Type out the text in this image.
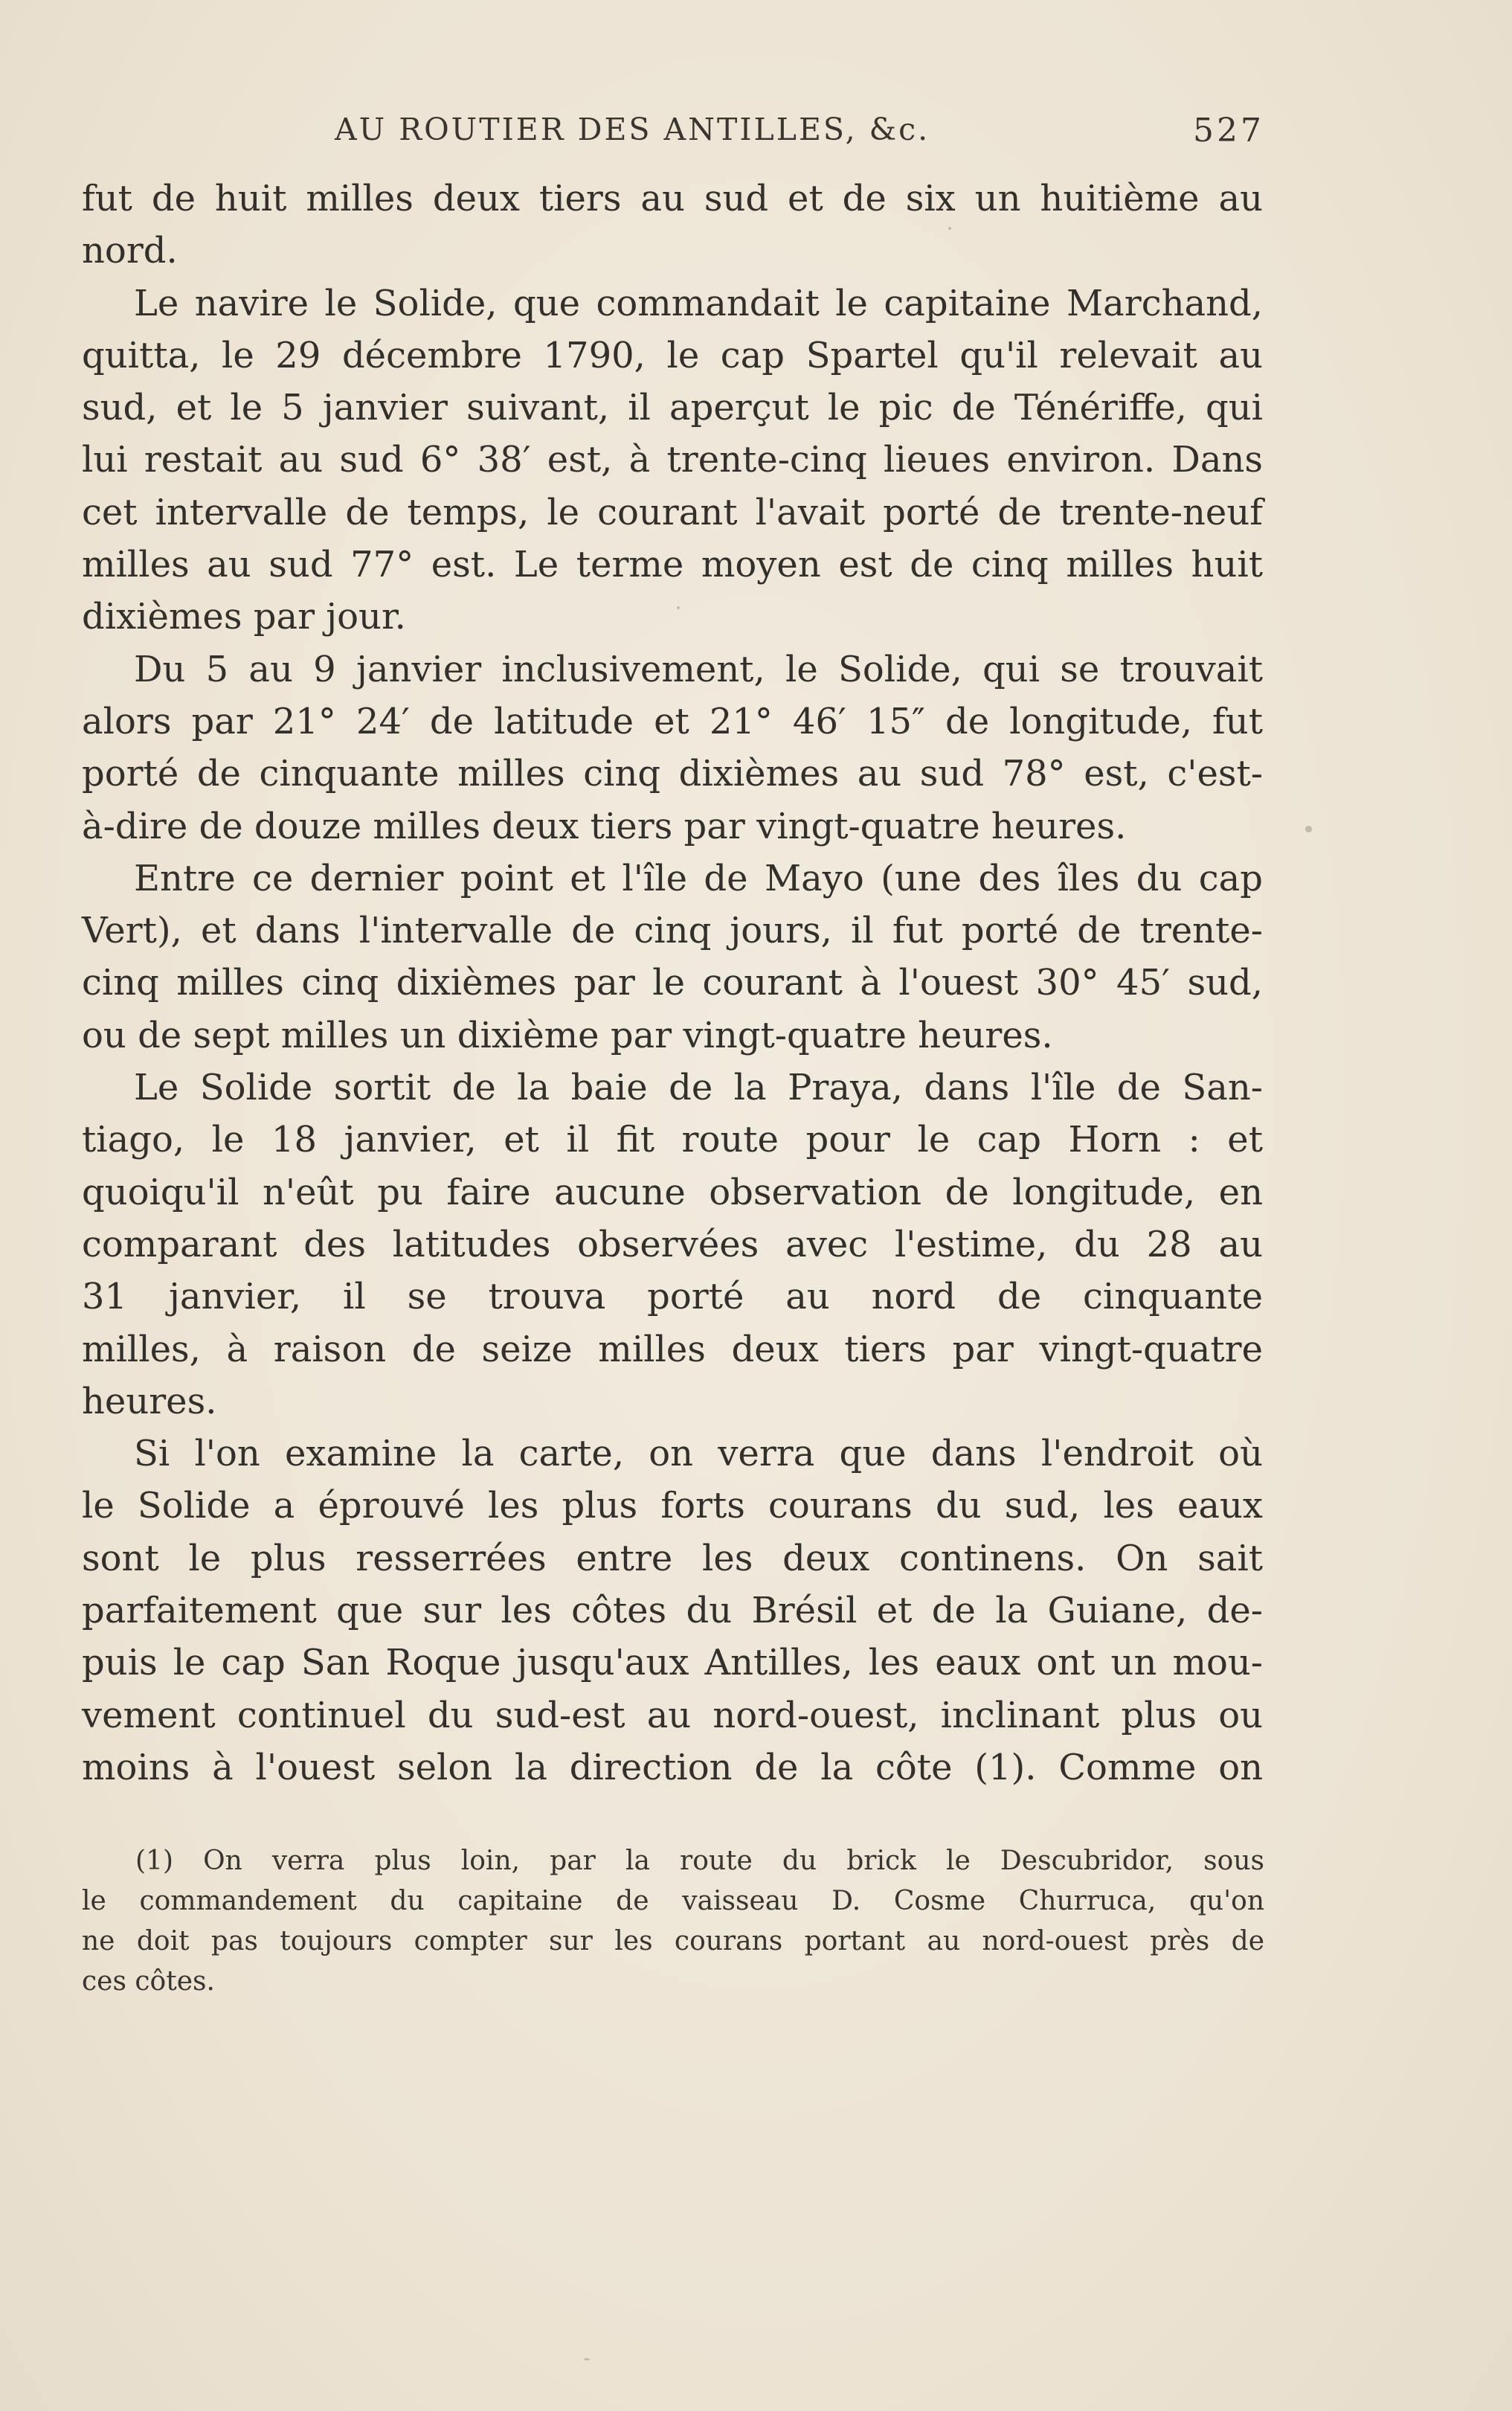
AU ROUTIER DES ANTILLES, &c.	527
fut de huit milles deux tiers au sud et de six un huitième au
nord.
Le navire le Solide, que commandait le capitaine Marchand,
quitta, le 29 décembre 1790, le cap Spartel qu'il relevait au
sud, et le 5 janvier suivant, il aperçut le pic de Ténériffe, qui
lui restait au sud 6° 38′ est, à trente-cinq lieues environ. Dans
cet intervalle de temps, le courant l'avait porté de trente-neuf
milles au sud 77° est. Le terme moyen est de cinq milles huit
dixièmes par jour.
Du 5 au 9 janvier inclusivement, le Solide, qui se trouvait
alors par 21° 24′ de latitude et 21° 46′ 15″ de longitude, fut
porté de cinquante milles cinq dixièmes au sud 78° est, c'est-
à-dire de douze milles deux tiers par vingt-quatre heures.
Entre ce dernier point et l'île de Mayo (une des îles du cap
Vert), et dans l'intervalle de cinq jours, il fut porté de trente-
cinq milles cinq dixièmes par le courant à l'ouest 30° 45′ sud,
ou de sept milles un dixième par vingt-quatre heures.
Le Solide sortit de la baie de la Praya, dans l'île de San-
tiago, le 18 janvier, et il fit route pour le cap Horn : et
quoiqu'il n'eût pu faire aucune observation de longitude, en
comparant des latitudes observées avec l'estime, du 28 au
31 janvier, il se trouva porté au nord de cinquante
milles, à raison de seize milles deux tiers par vingt-quatre
heures.
Si l'on examine la carte, on verra que dans l'endroit où
le Solide a éprouvé les plus forts courans du sud, les eaux
sont le plus resserrées entre les deux continens. On sait
parfaitement que sur les côtes du Brésil et de la Guiane, de-
puis le cap San Roque jusqu'aux Antilles, les eaux ont un mou-
vement continuel du sud-est au nord-ouest, inclinant plus ou
moins à l'ouest selon la direction de la côte (1). Comme on
(1) On verra plus loin, par la route du brick le Descubridor, sous
le commandement du capitaine de vaisseau D. Cosme Churruca, qu'on
ne doit pas toujours compter sur les courans portant au nord-ouest près de
ces côtes.
